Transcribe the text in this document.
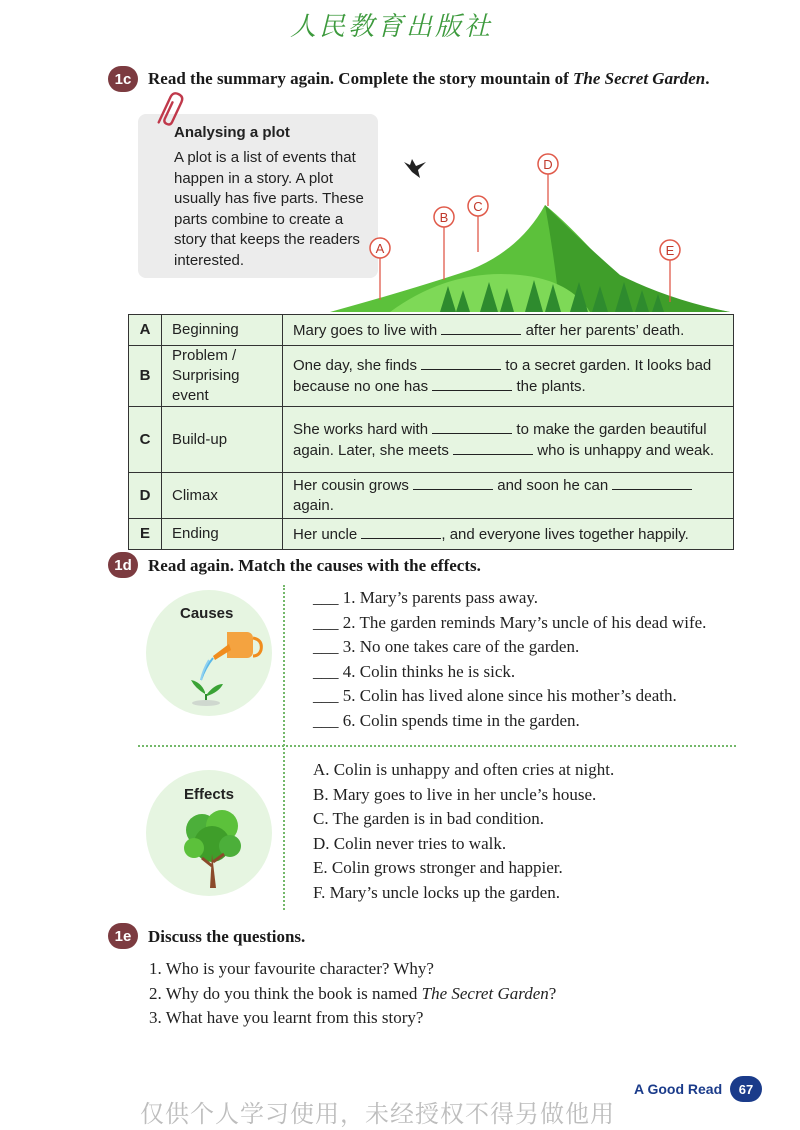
人民教育出版社
1c Read the summary again. Complete the story mountain of The Secret Garden.
Analysing a plot
A plot is a list of events that happen in a story. A plot usually has five parts. These parts combine to create a story that keeps the readers interested.
A
B
C
D
E
A	Beginning	Mary goes to live with after her parents’ death.
B	Problem / Surprising event	One day, she finds to a secret garden. It looks bad because no one has the plants.
C	Build-up	She works hard with to make the garden beautiful again. Later, she meets who is unhappy and weak.
D	Climax	Her cousin grows and soon he can  again.
E	Ending	Her uncle , and everyone lives together happily.
1d Read again. Match the causes with the effects.
Causes
___ 1. Mary’s parents pass away.
___ 2. The garden reminds Mary’s uncle of his dead wife.
___ 3. No one takes care of the garden.
___ 4. Colin thinks he is sick.
___ 5. Colin has lived alone since his mother’s death.
___ 6. Colin spends time in the garden.
Effects
A. Colin is unhappy and often cries at night.
B. Mary goes to live in her uncle’s house.
C. The garden is in bad condition.
D. Colin never tries to walk.
E. Colin grows stronger and happier.
F. Mary’s uncle locks up the garden.
1e Discuss the questions.
1. Who is your favourite character? Why?
2. Why do you think the book is named The Secret Garden?
3. What have you learnt from this story?
A Good Read	67
仅供个人学习使用，未经授权不得另做他用
